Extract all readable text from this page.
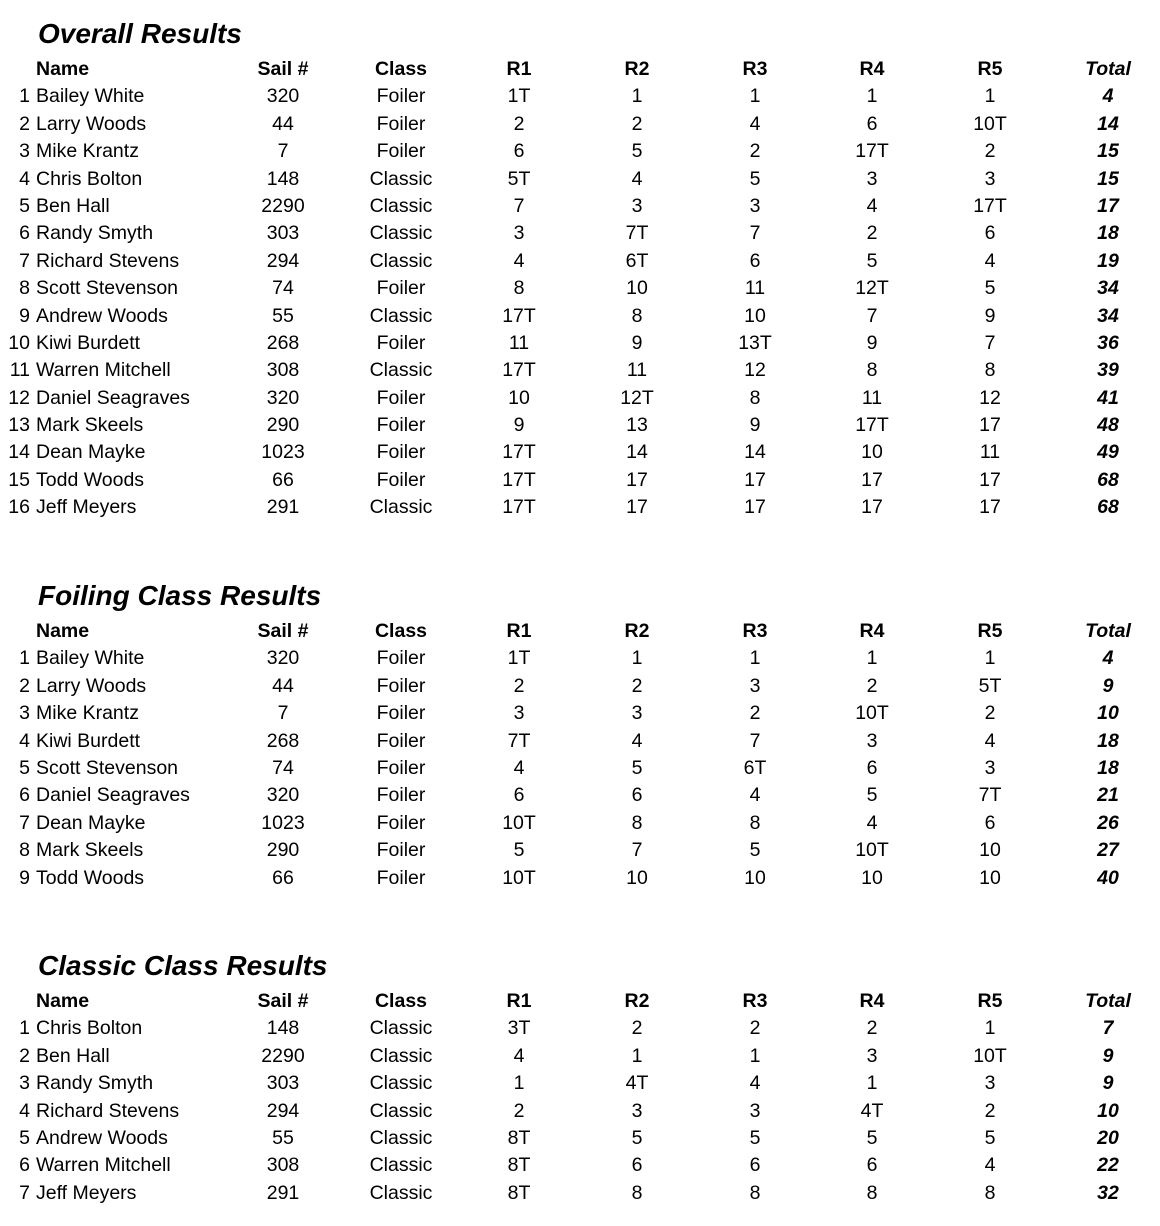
Overall Results
Name	Sail #	Class	R1	R2	R3	R4	R5	Total
1 Bailey White	320	Foiler	1T	1	1	1	1	4
2 Larry Woods	44	Foiler	2	2	4	6	10T	14
3 Mike Krantz	7	Foiler	6	5	2	17T	2	15
4 Chris Bolton	148	Classic	5T	4	5	3	3	15
5 Ben Hall	2290	Classic	7	3	3	4	17T	17
6 Randy Smyth	303	Classic	3	7T	7	2	6	18
7 Richard Stevens	294	Classic	4	6T	6	5	4	19
8 Scott Stevenson	74	Foiler	8	10	11	12T	5	34
9 Andrew Woods	55	Classic	17T	8	10	7	9	34
10 Kiwi Burdett	268	Foiler	11	9	13T	9	7	36
11 Warren Mitchell	308	Classic	17T	11	12	8	8	39
12 Daniel Seagraves	320	Foiler	10	12T	8	11	12	41
13 Mark Skeels	290	Foiler	9	13	9	17T	17	48
14 Dean Mayke	1023	Foiler	17T	14	14	10	11	49
15 Todd Woods	66	Foiler	17T	17	17	17	17	68
16 Jeff Meyers	291	Classic	17T	17	17	17	17	68
Foiling Class Results
Name	Sail #	Class	R1	R2	R3	R4	R5	Total
1 Bailey White	320	Foiler	1T	1	1	1	1	4
2 Larry Woods	44	Foiler	2	2	3	2	5T	9
3 Mike Krantz	7	Foiler	3	3	2	10T	2	10
4 Kiwi Burdett	268	Foiler	7T	4	7	3	4	18
5 Scott Stevenson	74	Foiler	4	5	6T	6	3	18
6 Daniel Seagraves	320	Foiler	6	6	4	5	7T	21
7 Dean Mayke	1023	Foiler	10T	8	8	4	6	26
8 Mark Skeels	290	Foiler	5	7	5	10T	10	27
9 Todd Woods	66	Foiler	10T	10	10	10	10	40
Classic Class Results
Name	Sail #	Class	R1	R2	R3	R4	R5	Total
1 Chris Bolton	148	Classic	3T	2	2	2	1	7
2 Ben Hall	2290	Classic	4	1	1	3	10T	9
3 Randy Smyth	303	Classic	1	4T	4	1	3	9
4 Richard Stevens	294	Classic	2	3	3	4T	2	10
5 Andrew Woods	55	Classic	8T	5	5	5	5	20
6 Warren Mitchell	308	Classic	8T	6	6	6	4	22
7 Jeff Meyers	291	Classic	8T	8	8	8	8	32
